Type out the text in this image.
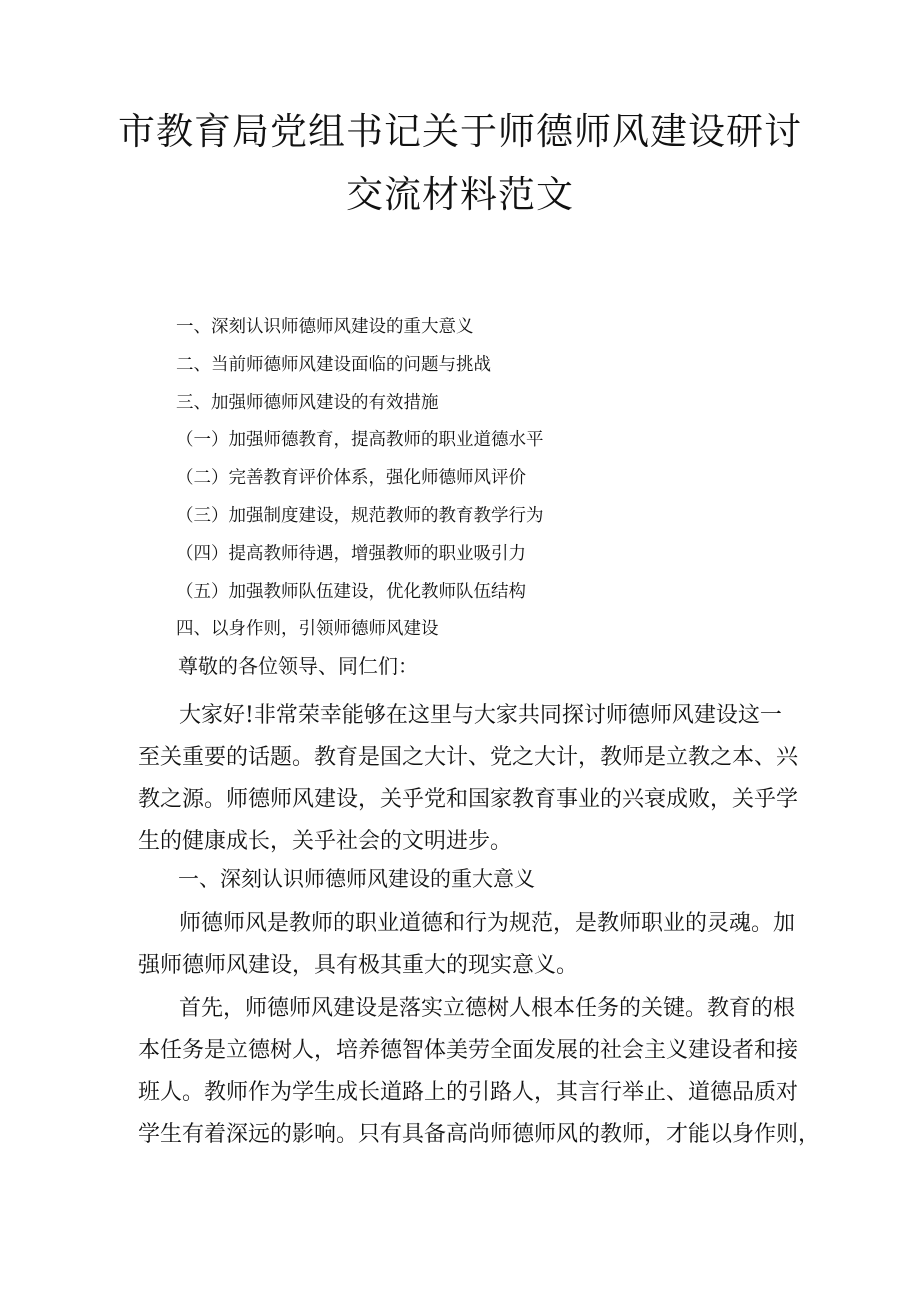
市教育局党组书记关于师德师风建设研讨
交流材料范文
一、深刻认识师德师风建设的重大意义
二、当前师德师风建设面临的问题与挑战
三、加强师德师风建设的有效措施
（一）加强师德教育，提高教师的职业道德水平
（二）完善教育评价体系，强化师德师风评价
（三）加强制度建设，规范教师的教育教学行为
（四）提高教师待遇，增强教师的职业吸引力
（五）加强教师队伍建设，优化教师队伍结构
四、以身作则，引领师德师风建设

尊敬的各位领导、同仁们：

大家好!非常荣幸能够在这里与大家共同探讨师德师风建设这一
至关重要的话题。教育是国之大计、党之大计，教师是立教之本、兴
教之源。师德师风建设，关乎党和国家教育事业的兴衰成败，关乎学
生的健康成长，关乎社会的文明进步。

一、深刻认识师德师风建设的重大意义

师德师风是教师的职业道德和行为规范，是教师职业的灵魂。加
强师德师风建设，具有极其重大的现实意义。

首先，师德师风建设是落实立德树人根本任务的关键。教育的根
本任务是立德树人，培养德智体美劳全面发展的社会主义建设者和接
班人。教师作为学生成长道路上的引路人，其言行举止、道德品质对
学生有着深远的影响。只有具备高尚师德师风的教师，才能以身作则，
